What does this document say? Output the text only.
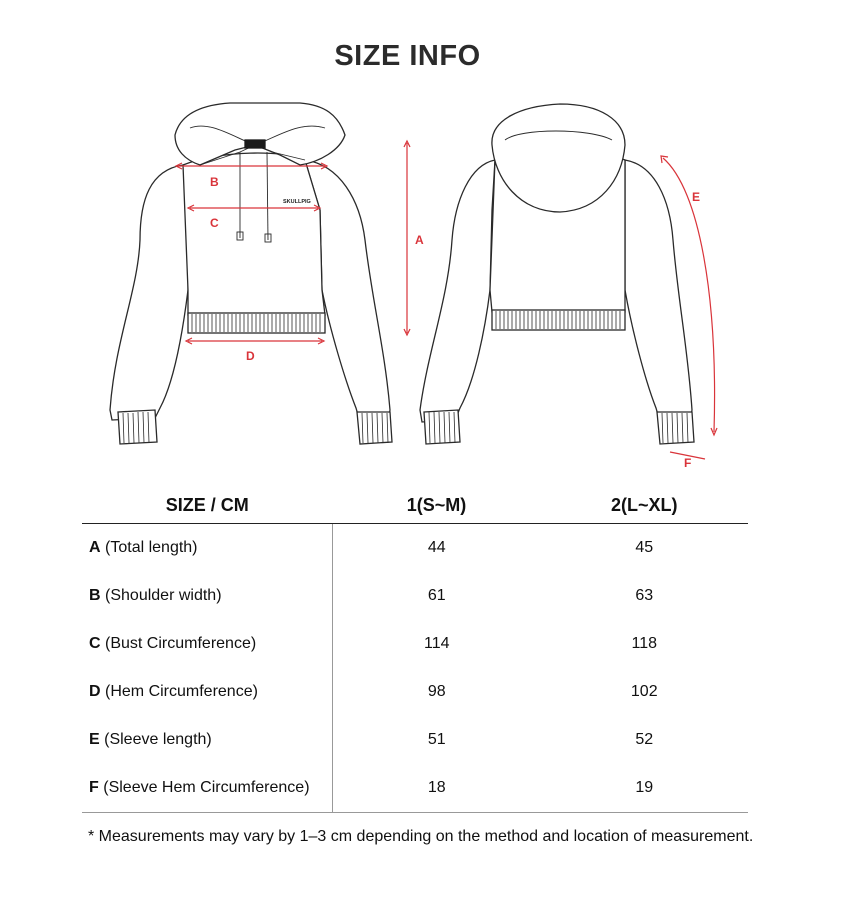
SIZE INFO
SKULLPIG
B
C
D
A
E
F
SIZE / CM	1(S~M)	2(L~XL)
A (Total length)	44	45
B (Shoulder width)	61	63
C (Bust Circumference)	114	118
D (Hem Circumference)	98	102
E (Sleeve length)	51	52
F (Sleeve Hem Circumference)	18	19
* Measurements may vary by 1–3 cm depending on the method and location of measurement.
